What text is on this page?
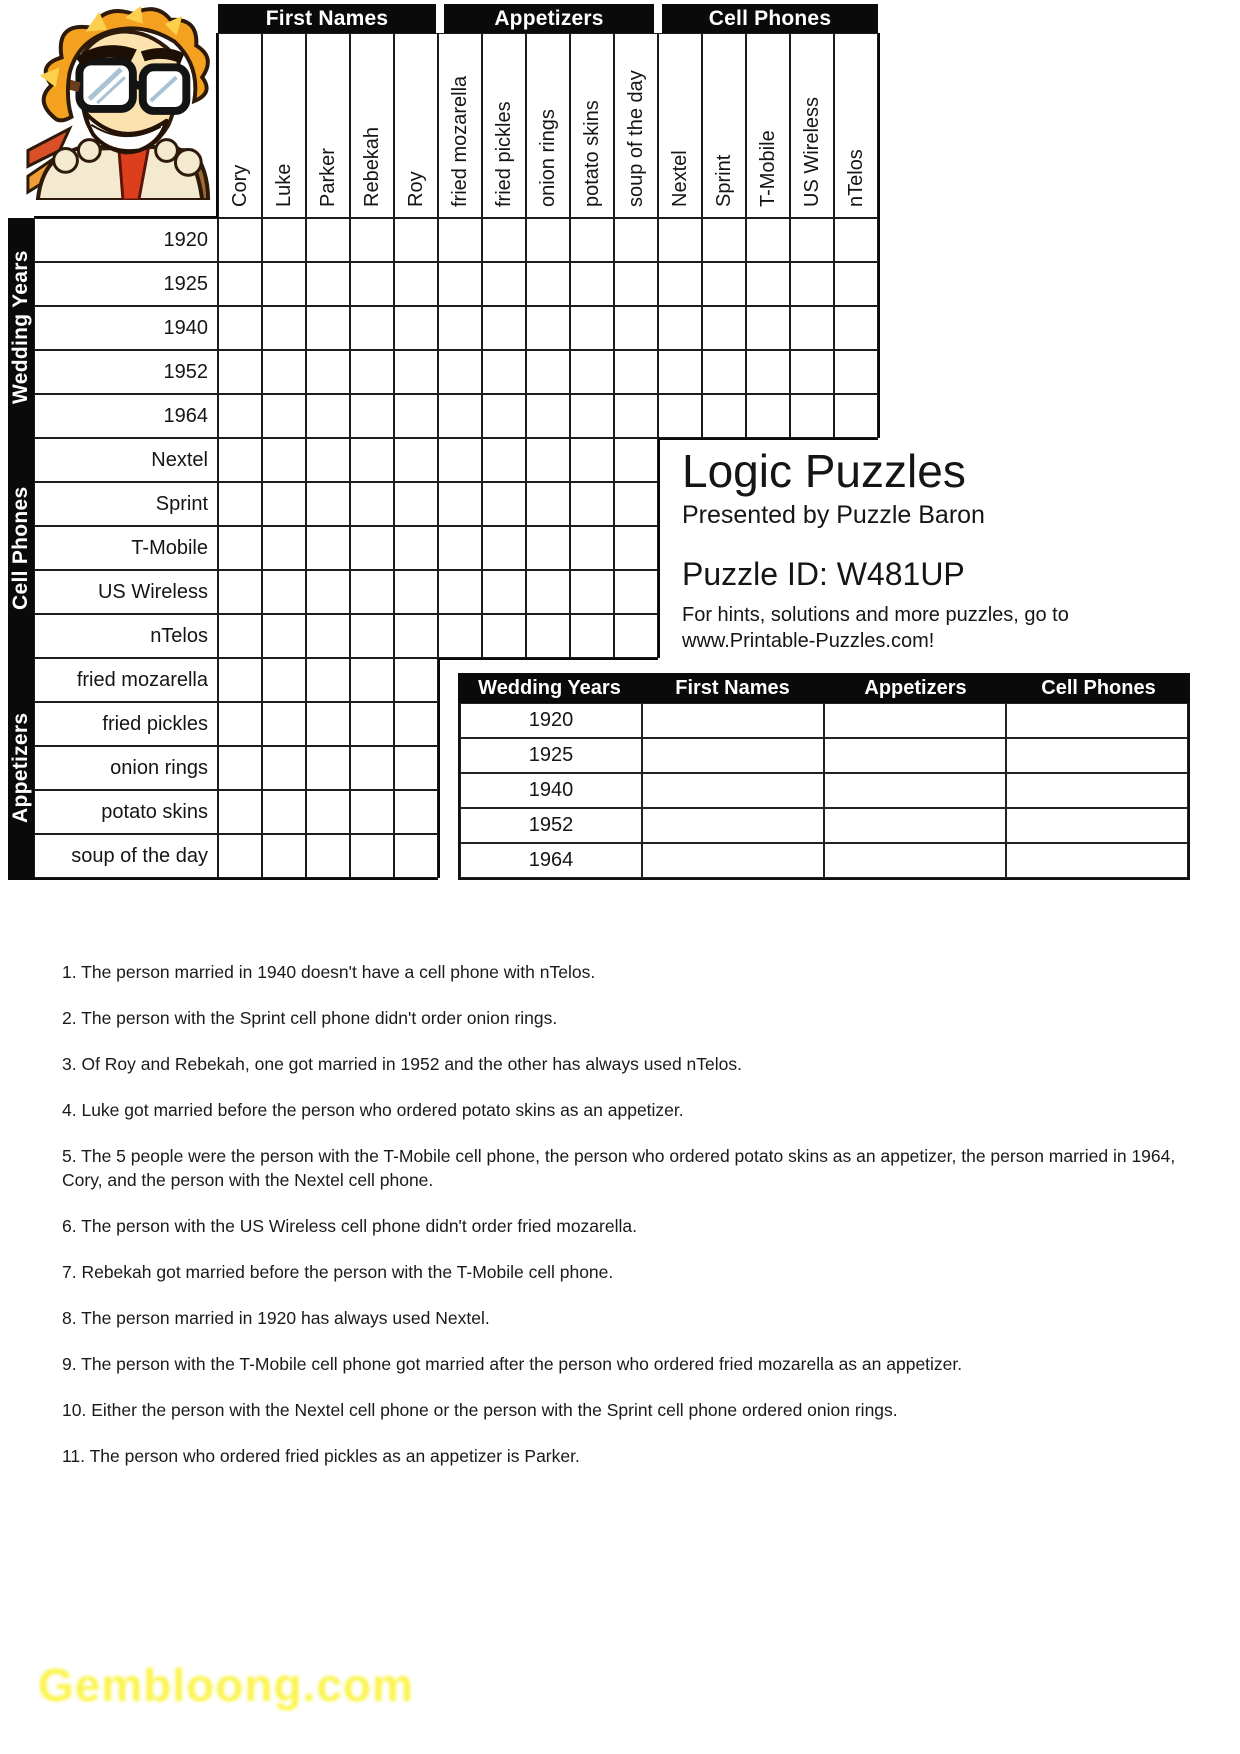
First Names	Appetizers	Cell Phones
Wedding Years
Cell Phones
Appetizers
Logic Puzzles
Presented by Puzzle Baron
Puzzle ID: W481UP
For hints, solutions and more puzzles, go to
www.Printable-Puzzles.com!
Wedding Years	First Names	Appetizers	Cell Phones
1920
1925
1940
1952
1964

1. The person married in 1940 doesn't have a cell phone with nTelos.

2. The person with the Sprint cell phone didn't order onion rings.

3. Of Roy and Rebekah, one got married in 1952 and the other has always used nTelos.

4. Luke got married before the person who ordered potato skins as an appetizer.

5. The 5 people were the person with the T-Mobile cell phone, the person who ordered potato skins as an appetizer, the person married in 1964, Cory, and the person with the Nextel cell phone.

6. The person with the US Wireless cell phone didn't order fried mozarella.

7. Rebekah got married before the person with the T-Mobile cell phone.

8. The person married in 1920 has always used Nextel.

9. The person with the T-Mobile cell phone got married after the person who ordered fried mozarella as an appetizer.

10. Either the person with the Nextel cell phone or the person with the Sprint cell phone ordered onion rings.

11. The person who ordered fried pickles as an appetizer is Parker.

Gembloong.com
Cory	Luke	Parker	Rebekah	Roy	fried mozarella	fried pickles	onion rings	potato skins	soup of the day	Nextel	Sprint	T-Mobile	US Wireless	nTelos
1920
1925
1940
1952
1964
Nextel
Sprint
T-Mobile
US Wireless
nTelos
fried mozarella
fried pickles
onion rings
potato skins
soup of the day
